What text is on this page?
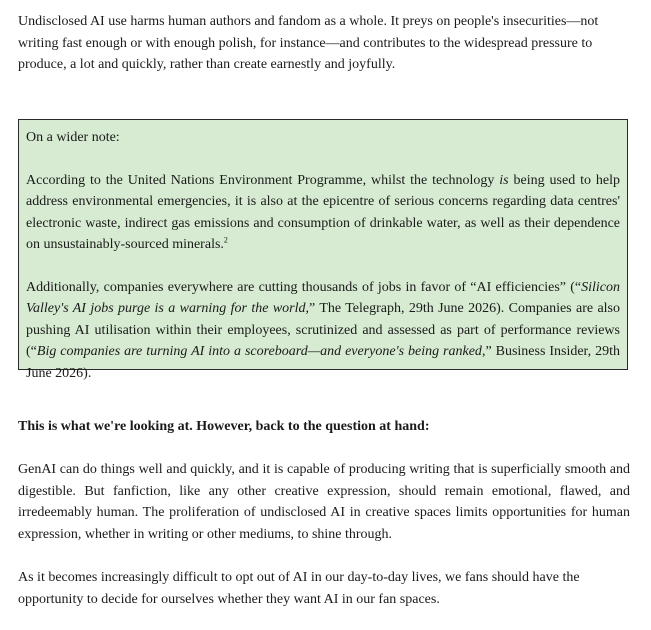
Undisclosed AI use harms human authors and fandom as a whole. It preys on people's insecurities—not writing fast enough or with enough polish, for instance—and contributes to the widespread pressure to produce, a lot and quickly, rather than create earnestly and joyfully.

On a wider note:

According to the United Nations Environment Programme, whilst the technology is being used to help address environmental emergencies, it is also at the epicentre of serious concerns regarding data centres' electronic waste, indirect gas emissions and consumption of drinkable water, as well as their dependence on unsustainably-sourced minerals.$^2$

Additionally, companies everywhere are cutting thousands of jobs in favor of “AI efficiencies” (“Silicon Valley's AI jobs purge is a warning for the world,” The Telegraph, 29th June 2026). Companies are also pushing AI utilisation within their employees, scrutinized and assessed as part of performance reviews (“Big companies are turning AI into a scoreboard—and everyone's being ranked,” Business Insider, 29th June 2026).

This is what we're looking at. However, back to the question at hand:

GenAI can do things well and quickly, and it is capable of producing writing that is superficially smooth and digestible. But fanfiction, like any other creative expression, should remain emotional, flawed, and irredeemably human. The proliferation of undisclosed AI in creative spaces limits opportunities for human expression, whether in writing or other mediums, to shine through.

As it becomes increasingly difficult to opt out of AI in our day-to-day lives, we fans should have the opportunity to decide for ourselves whether they want AI in our fan spaces.
